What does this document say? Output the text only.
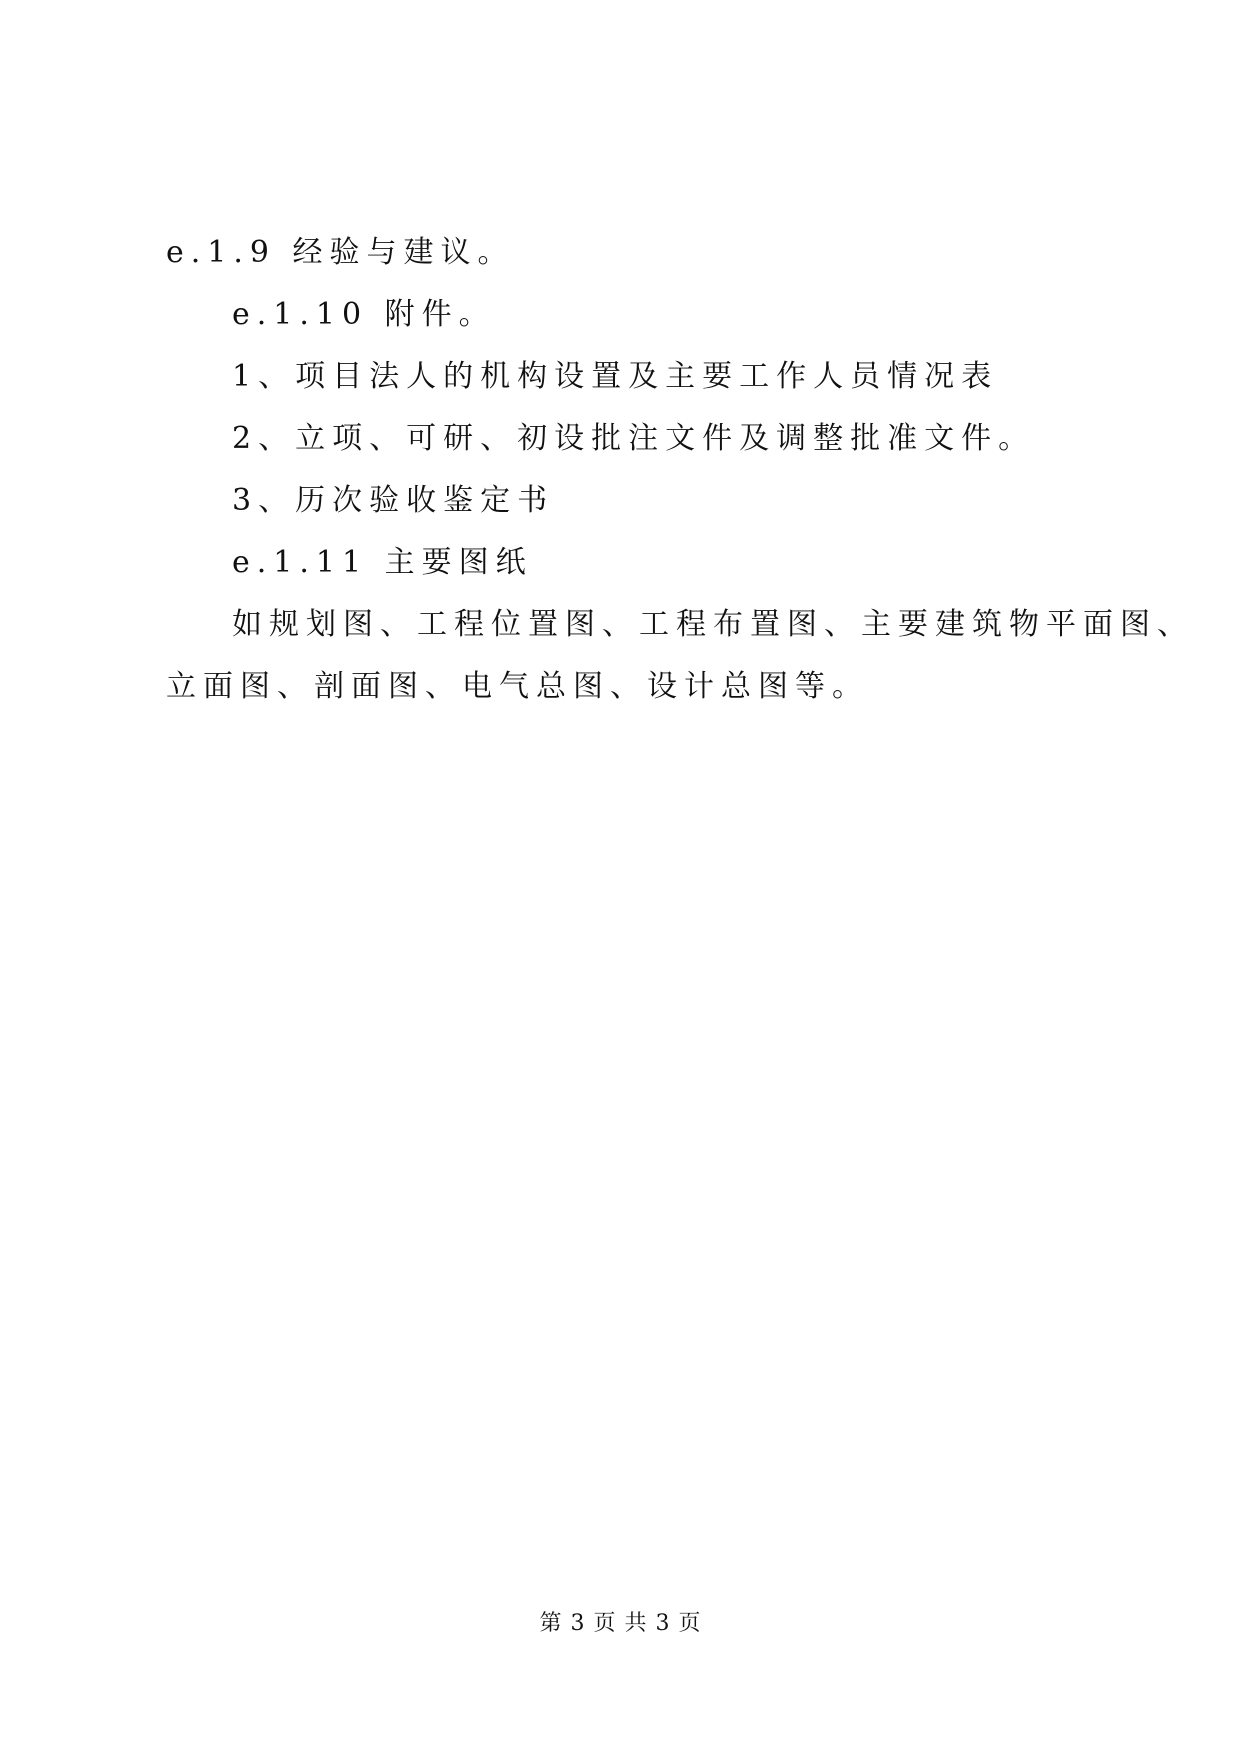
e.1.9 经验与建议。
e.1.10 附件。
1、项目法人的机构设置及主要工作人员情况表
2、立项、可研、初设批注文件及调整批准文件。
3、历次验收鉴定书
e.1.11 主要图纸
如规划图、工程位置图、工程布置图、主要建筑物平面图、
立面图、剖面图、电气总图、设计总图等。
第 3 页 共 3 页
